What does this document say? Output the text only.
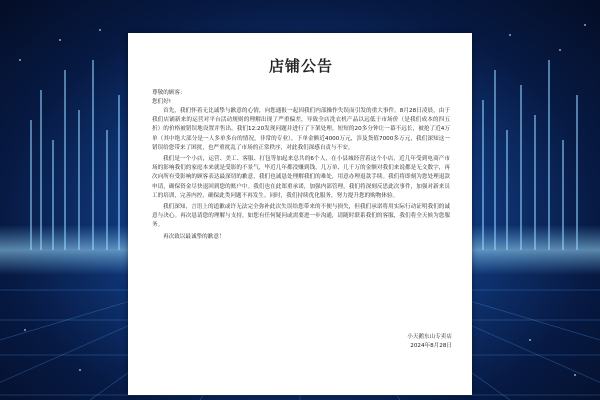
店铺公告

尊敬的顾客：

您们好!

首先，我们怀着无比诚挚与歉意的心情，向您通报一起因我们内部操作失误而引发的重大事件。8月28日凌晨，由于我们店铺新来的运营对平台活动规则的理解出现了严重偏差，导致全店洗衣机产品以远低于市场价（是我们成本的四五折）的价格被错误地设置并售出。我们12:20发现问题并进行了下架处理，短短的20多分钟让一幕不远长，被抢了近4万单（其中绝大部分是一人多单多台的情况，非常的专业），下单金额近4000万元，涉及货值7000多万元，我们深知这一错误给您带来了困扰，也严重扰乱了市场的正常秩序，对此我们深感自责与不安。

我们是一个小店，运营、美工、客服、打包等加起来总共的6个人，在小县城经营着这个小店，近几年受到电商产市场的影响我们的家庭本来就是受影的不景气，毕近几年都没赚到钱，几万单、几千万的金额对我们来说都是无文数字，再次向所有受影响的顾客表达最深切的歉意，我们也诚恳处理解我们的难处，用意办理退款手续。我们将即刻为您处理退款申请，确保资金尽快退回到您的账户中。我们也在此郑重承诺，加强内部管理，我们将深刻反思此次事件，加强对新来员工的培训，完善内控，确保此类问题不再发生。同时，我们持续优化服务，努力提升您的购物体验。

我们深知，言语上的道歉或许无法完全弥补此次失误给您带来的不便与损失，但我们承诺将用实际行动证明我们的诚意与决心。再次恳请您的理解与支持，如您有任何疑问或需要进一步沟通，请随时联系我们的客服，我们将全天候为您服务。

再次致以最诚挚的歉意！

小天鹅东山专卖店
2024年8月28日
